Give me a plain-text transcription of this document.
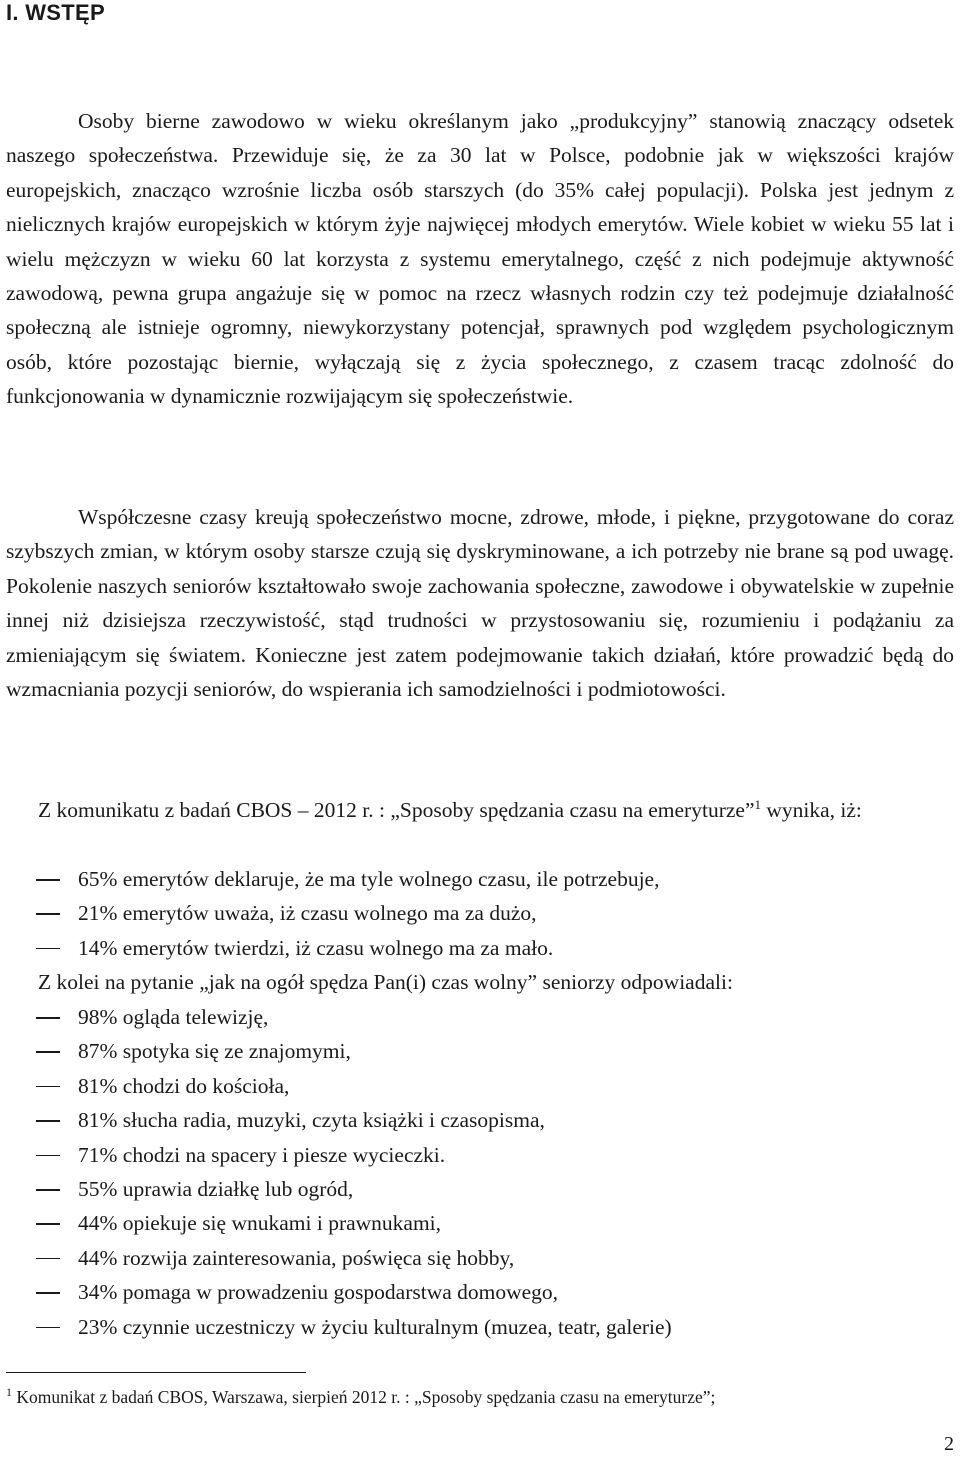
I. WSTĘP

Osoby bierne zawodowo w wieku określanym jako „produkcyjny” stanowią znaczący odsetek naszego społeczeństwa. Przewiduje się, że za 30 lat w Polsce, podobnie jak w większości krajów europejskich, znacząco wzrośnie liczba osób starszych (do 35% całej populacji). Polska jest jednym z nielicznych krajów europejskich w którym żyje najwięcej młodych emerytów. Wiele kobiet w wieku 55 lat i wielu mężczyzn w wieku 60 lat korzysta z systemu emerytalnego, część z nich podejmuje aktywność zawodową, pewna grupa angażuje się w pomoc na rzecz własnych rodzin czy też podejmuje działalność społeczną ale istnieje ogromny, niewykorzystany potencjał, sprawnych pod względem psychologicznym osób, które pozostając biernie, wyłączają się z życia społecznego, z czasem tracąc zdolność do funkcjonowania w dynamicznie rozwijającym się społeczeństwie.

Współczesne czasy kreują społeczeństwo mocne, zdrowe, młode, i piękne, przygotowane do coraz szybszych zmian, w którym osoby starsze czują się dyskryminowane, a ich potrzeby nie brane są pod uwagę. Pokolenie naszych seniorów kształtowało swoje zachowania społeczne, zawodowe i obywatelskie w zupełnie innej niż dzisiejsza rzeczywistość, stąd trudności w przystosowaniu się, rozumieniu i podążaniu za zmieniającym się światem. Konieczne jest zatem podejmowanie takich działań, które prowadzić będą do wzmacniania pozycji seniorów, do wspierania ich samodzielności i podmiotowości.

Z komunikatu z badań CBOS – 2012 r. : „Sposoby spędzania czasu na emeryturze”$^1$ wynika, iż:

65% emerytów deklaruje, że ma tyle wolnego czasu, ile potrzebuje,
21% emerytów uważa, iż czasu wolnego ma za dużo,
14% emerytów twierdzi, iż czasu wolnego ma za mało.

Z kolei na pytanie „jak na ogół spędza Pan(i) czas wolny” seniorzy odpowiadali:

98% ogląda telewizję,
87% spotyka się ze znajomymi,
81% chodzi do kościoła,
81% słucha radia, muzyki, czyta książki i czasopisma,
71% chodzi na spacery i piesze wycieczki.
55% uprawia działkę lub ogród,
44% opiekuje się wnukami i prawnukami,
44% rozwija zainteresowania, poświęca się hobby,
34% pomaga w prowadzeniu gospodarstwa domowego,
23% czynnie uczestniczy w życiu kulturalnym (muzea, teatr, galerie)

$^1$ Komunikat z badań CBOS, Warszawa, sierpień 2012 r. : „Sposoby spędzania czasu na emeryturze”;

2
